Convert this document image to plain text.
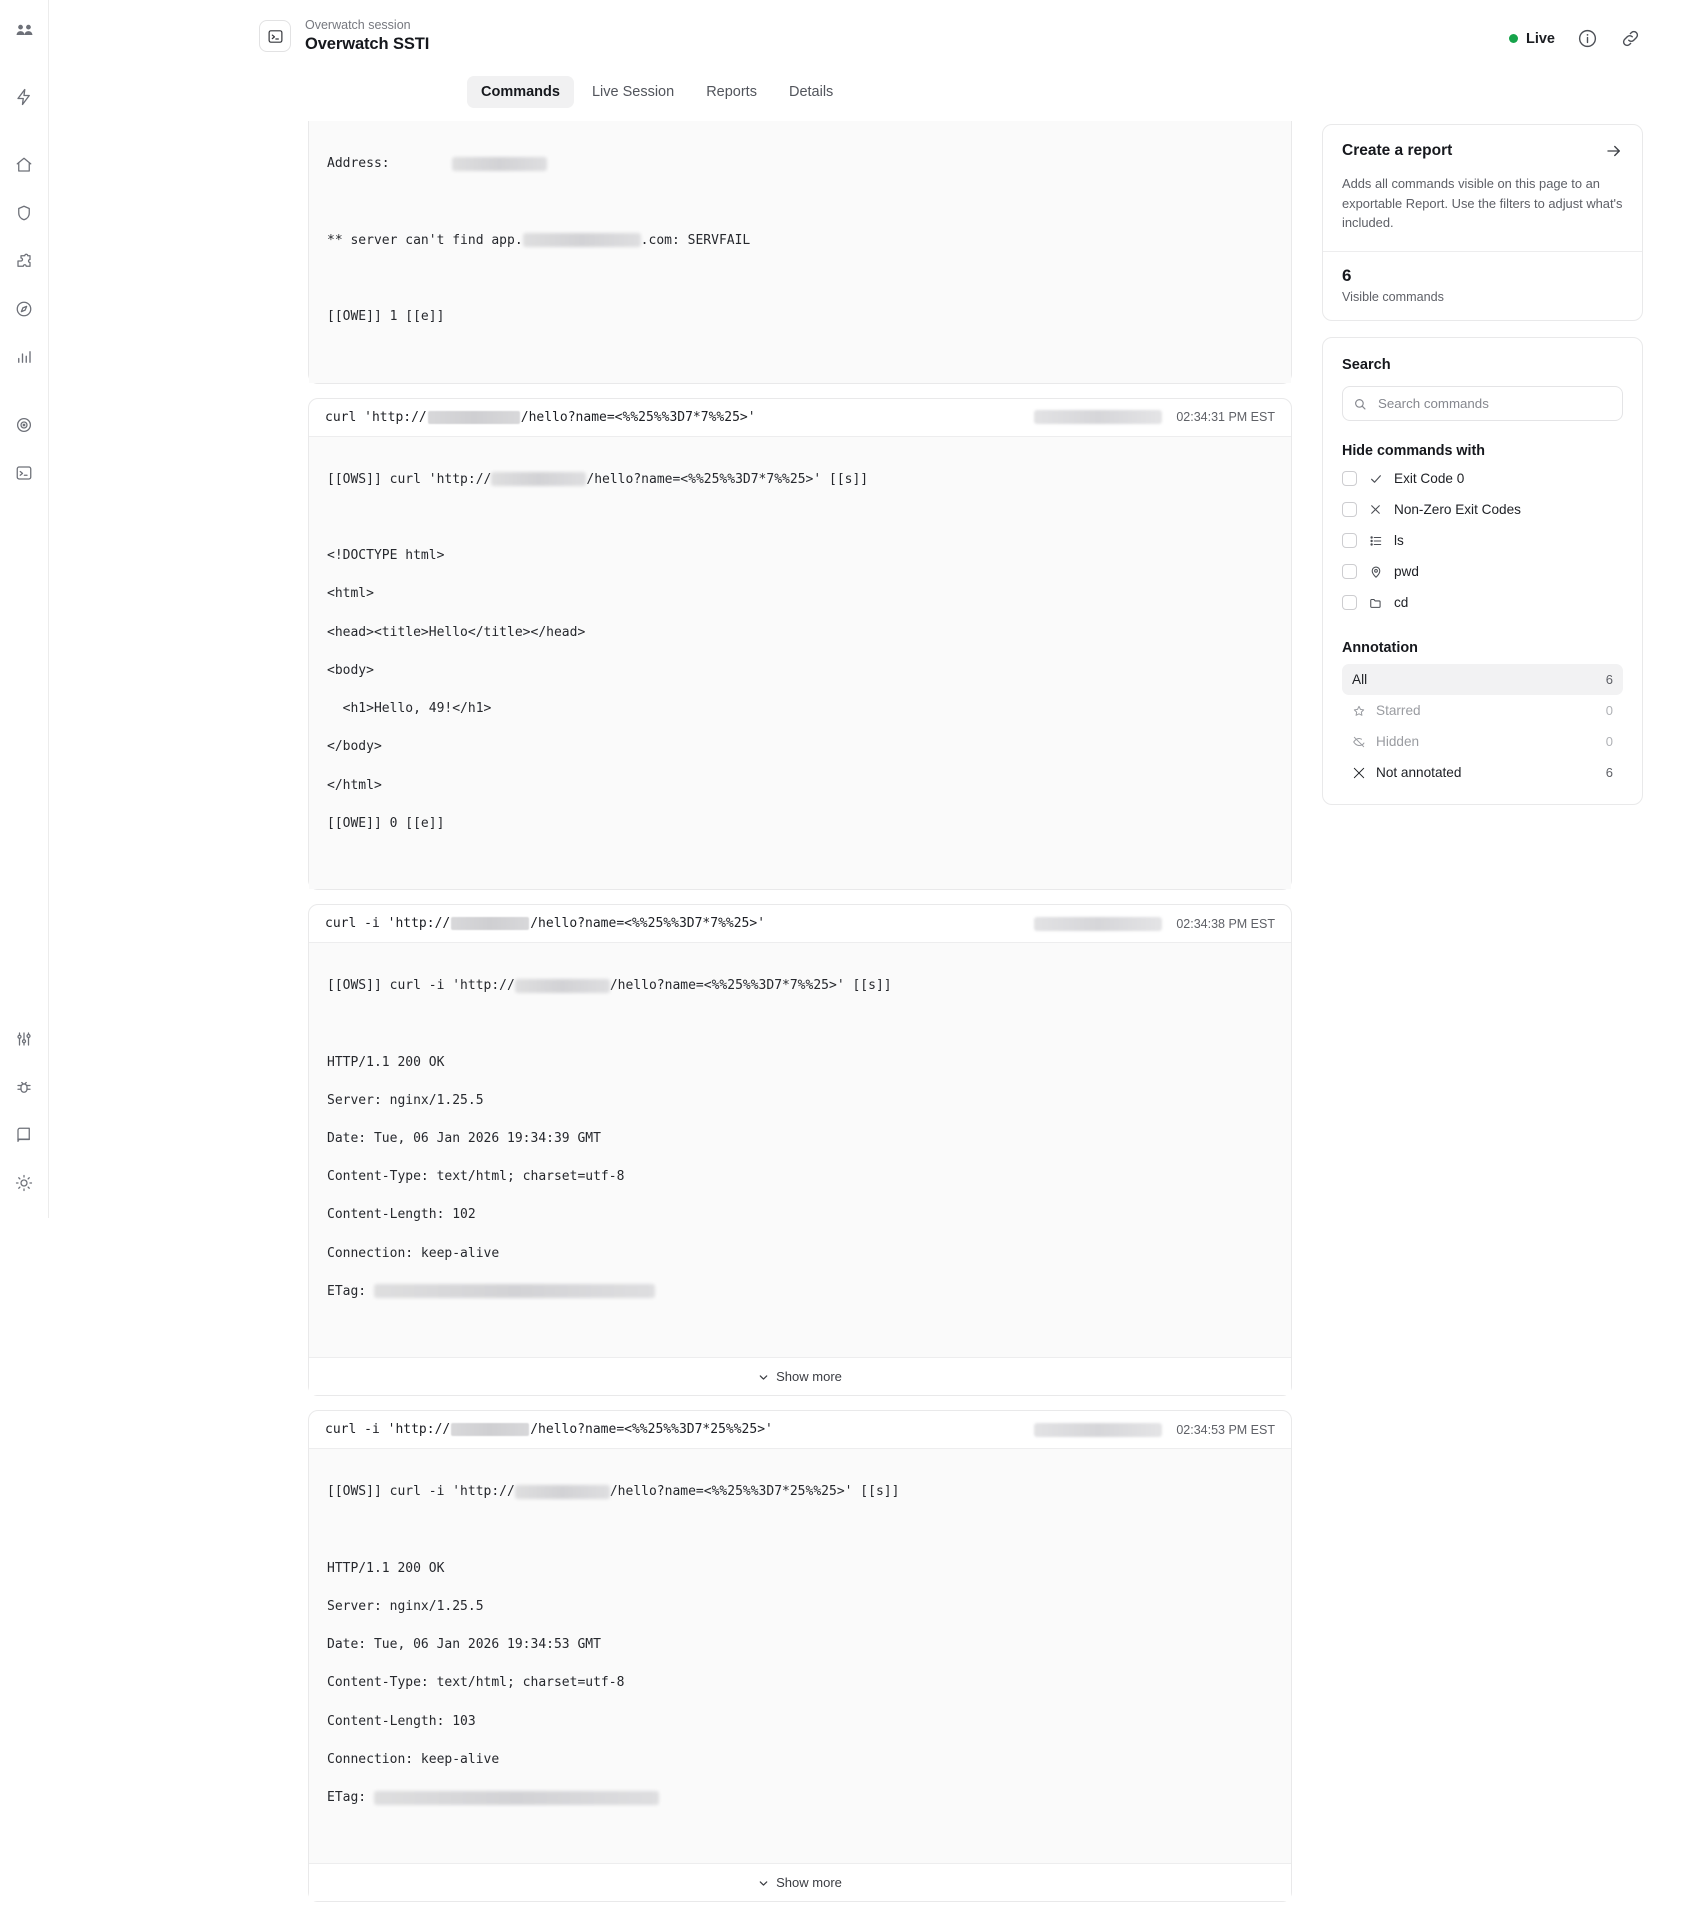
Overwatch session
Overwatch SSTI	Live
Commands	Live Session	Reports	Details

Address:

** server can't find app.	.com: SERVFAIL

[[OWE]] 1 [[e]]

curl 'http://	/hello?name=<%%25%%3D7*7%%25>'	02:34:31 PM EST

[[OWS]] curl 'http://	/hello?name=<%%25%%3D7*7%%25>' [[s]]

<!DOCTYPE html>

<html>

<head><title>Hello</title></head>

<body>

<h1>Hello, 49!</h1>

</body>

</html>

[[OWE]] 0 [[e]]

curl -i 'http://	/hello?name=<%%25%%3D7*7%%25>'	02:34:38 PM EST

[[OWS]] curl -i 'http://	/hello?name=<%%25%%3D7*7%%25>' [[s]]

HTTP/1.1 200 OK

Server: nginx/1.25.5

Date: Tue, 06 Jan 2026 19:34:39 GMT

Content-Type: text/html; charset=utf-8

Content-Length: 102

Connection: keep-alive

ETag:

Show more
curl -i 'http://	/hello?name=<%%25%%3D7*25%%25>'	02:34:53 PM EST

[[OWS]] curl -i 'http://	/hello?name=<%%25%%3D7*25%%25>' [[s]]

HTTP/1.1 200 OK

Server: nginx/1.25.5

Date: Tue, 06 Jan 2026 19:34:53 GMT

Content-Type: text/html; charset=utf-8

Content-Length: 103

Connection: keep-alive

ETag:

Show more
Create a report
Adds all commands visible on this page to an exportable Report. Use the filters to adjust what's included.
6
Visible commands
Search
Search commands
Hide commands with
Exit Code 0
Non-Zero Exit Codes
ls
pwd
cd
Annotation
All	6
Starred	0
Hidden	0
Not annotated	6
